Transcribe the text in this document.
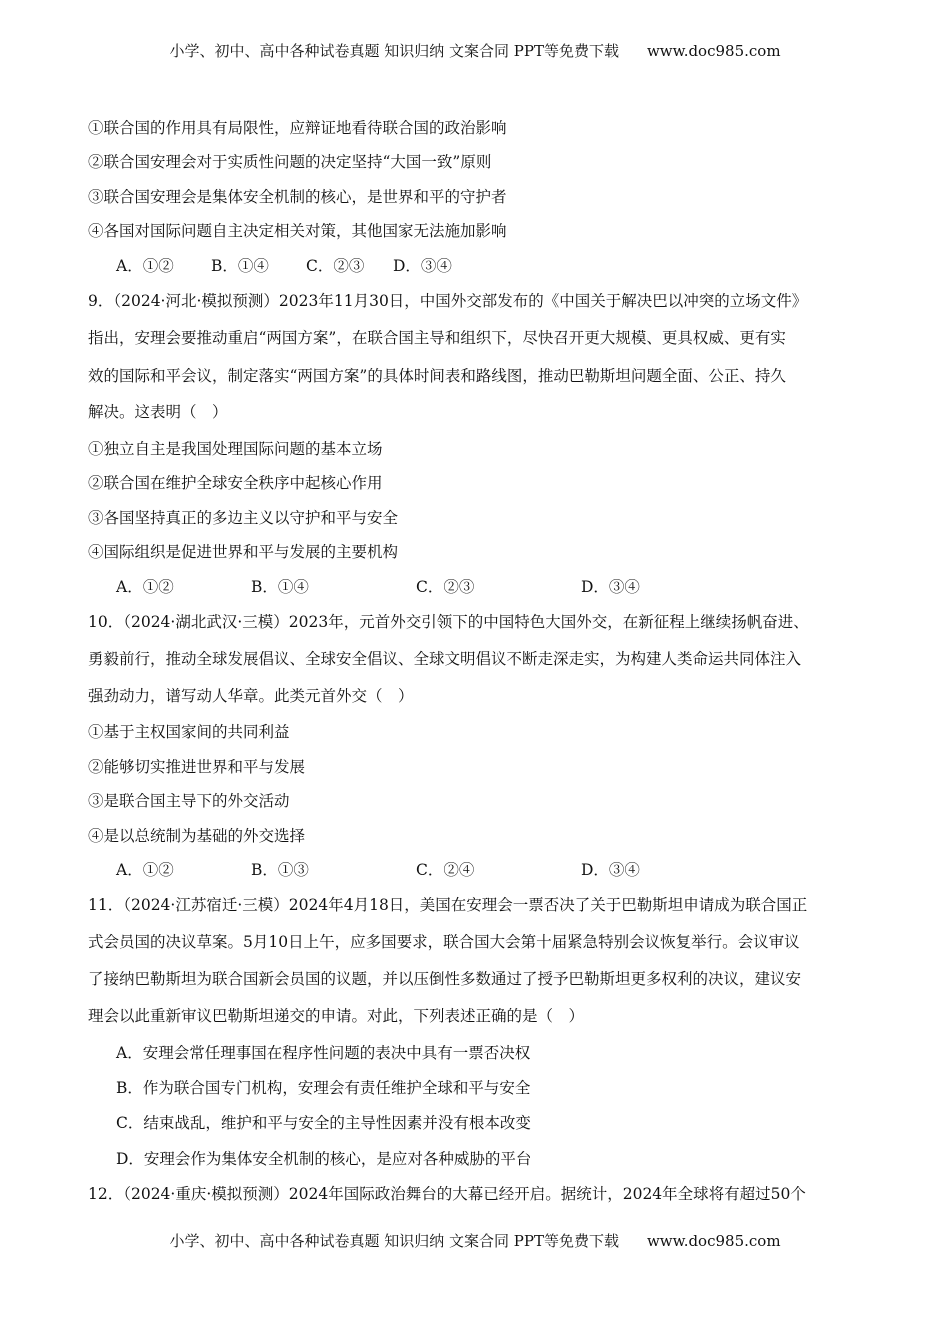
小学、初中、高中各种试卷真题 知识归纳 文案合同 PPT等免费下载 www.doc985.com
①联合国的作用具有局限性，应辩证地看待联合国的政治影响
②联合国安理会对于实质性问题的决定坚持“大国一致”原则
③联合国安理会是集体安全机制的核心，是世界和平的守护者
④各国对国际问题自主决定相关对策，其他国家无法施加影响
A．①② B．①④ C．②③ D．③④
9．（2024·河北·模拟预测）2023年11月30日，中国外交部发布的《中国关于解决巴以冲突的立场文件》
指出，安理会要推动重启“两国方案”，在联合国主导和组织下，尽快召开更大规模、更具权威、更有实
效的国际和平会议，制定落实“两国方案”的具体时间表和路线图，推动巴勒斯坦问题全面、公正、持久
解决。这表明（　）
①独立自主是我国处理国际问题的基本立场
②联合国在维护全球安全秩序中起核心作用
③各国坚持真正的多边主义以守护和平与安全
④国际组织是促进世界和平与发展的主要机构
A．①②	B．①④	C．②③	D．③④
10．（2024·湖北武汉·三模）2023年，元首外交引领下的中国特色大国外交，在新征程上继续扬帆奋进、
勇毅前行，推动全球发展倡议、全球安全倡议、全球文明倡议不断走深走实，为构建人类命运共同体注入
强劲动力，谱写动人华章。此类元首外交（　）
①基于主权国家间的共同利益
②能够切实推进世界和平与发展
③是联合国主导下的外交活动
④是以总统制为基础的外交选择
A．①②	B．①③	C．②④	D．③④
11．（2024·江苏宿迁·三模）2024年4月18日，美国在安理会一票否决了关于巴勒斯坦申请成为联合国正
式会员国的决议草案。5月10日上午，应多国要求，联合国大会第十届紧急特别会议恢复举行。会议审议
了接纳巴勒斯坦为联合国新会员国的议题，并以压倒性多数通过了授予巴勒斯坦更多权利的决议，建议安
理会以此重新审议巴勒斯坦递交的申请。对此，下列表述正确的是（　）
A．安理会常任理事国在程序性问题的表决中具有一票否决权
B．作为联合国专门机构，安理会有责任维护全球和平与安全
C．结束战乱，维护和平与安全的主导性因素并没有根本改变
D．安理会作为集体安全机制的核心，是应对各种威胁的平台
12．（2024·重庆·模拟预测）2024年国际政治舞台的大幕已经开启。据统计，2024年全球将有超过50个
小学、初中、高中各种试卷真题 知识归纳 文案合同 PPT等免费下载 www.doc985.com
